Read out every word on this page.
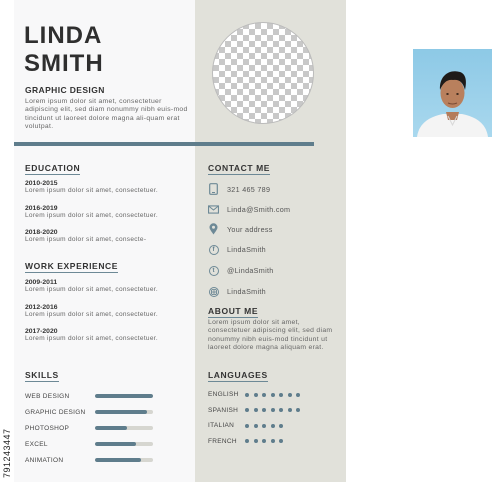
LINDA
SMITH
GRAPHIC DESIGN
Lorem ipsum dolor sit amet, consectetuer adipiscing elit, sed diam nonummy nibh euis-mod tincidunt ut laoreet dolore magna ali-quam erat volutpat.
EDUCATION
2010-2015
Lorem ipsum dolor sit amet, consectetuer.
2016-2019
Lorem ipsum dolor sit amet, consectetuer.
2018-2020
Lorem ipsum dolor sit amet, consecte-
WORK EXPERIENCE
2009-2011
Lorem ipsum dolor sit amet, consectetuer.
2012-2016
Lorem ipsum dolor sit amet, consectetuer.
2017-2020
Lorem ipsum dolor sit amet, consectetuer.
SKILLS
WEB DESIGN
GRAPHIC DESIGN
PHOTOSHOP
EXCEL
ANIMATION
CONTACT ME
321 465 789
Linda@Smith.com
Your address
f	LindaSmith
t	@LindaSmith
LindaSmith
ABOUT ME
Lorem ipsum dolor sit amet, consectetuer adipiscing elit, sed diam nonummy nibh euis-mod tincidunt ut laoreet dolore magna aliquam erat.
LANGUAGES
ENGLISH
SPANISH
ITALIAN
FRENCH
791243447
